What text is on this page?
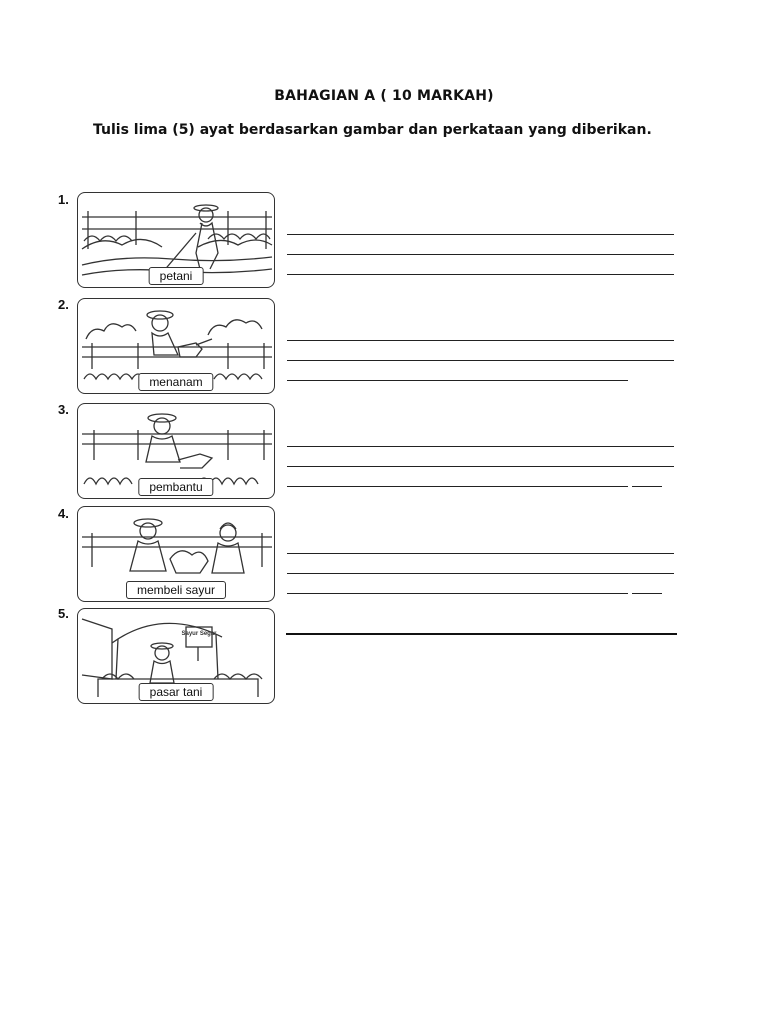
BAHAGIAN A ( 10 MARKAH)
Tulis lima (5) ayat berdasarkan gambar dan perkataan yang diberikan.
1.
petani
2.
menanam
3.
pembantu
4.
membeli sayur
5.
Sayur Segar
pasar tani
